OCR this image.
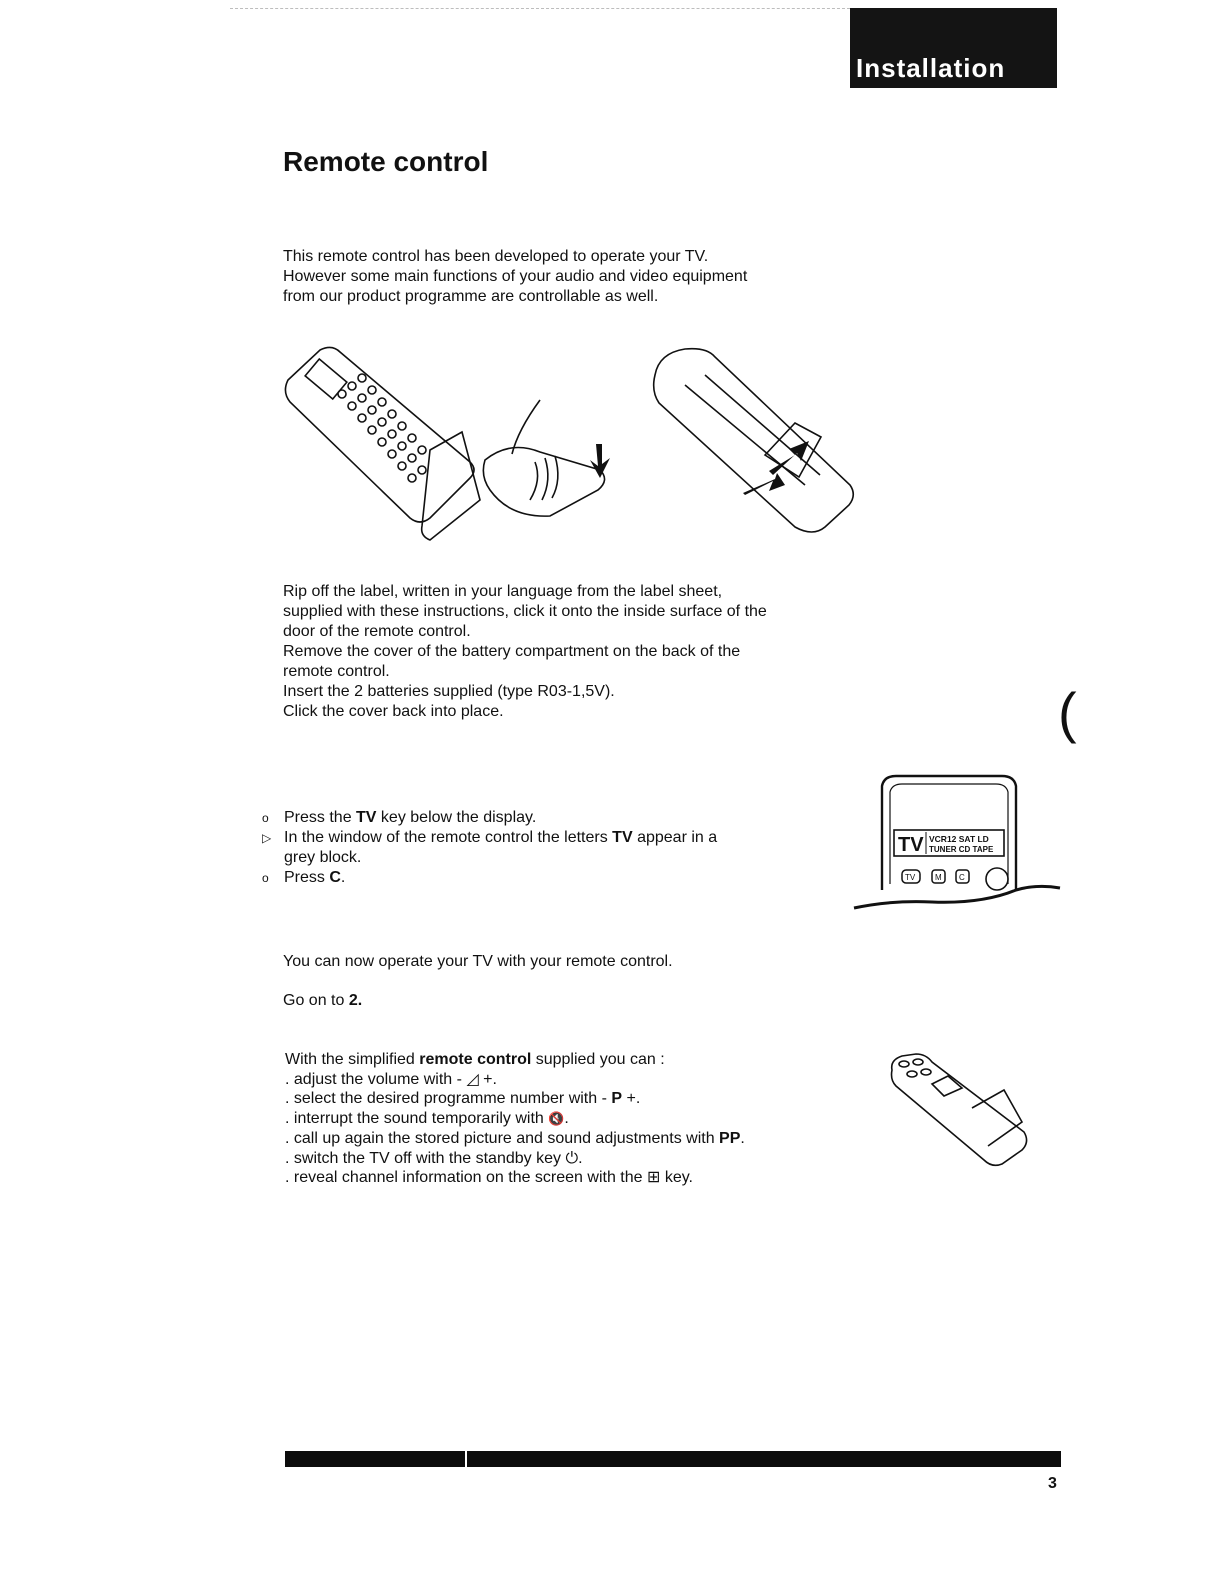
Installation
Remote control

This remote control has been developed to operate your TV.

However some main functions of your audio and video equipment

from our product programme are controllable as well.

Rip off the label, written in your language from the label sheet,

supplied with these instructions, click it onto the inside surface of the

door of the remote control.

Remove the cover of the battery compartment on the back of the

remote control.

Insert the 2 batteries supplied (type R03-1,5V).

Click the cover back into place.	(
o Press the TV key below the display.
▷ In the window of the remote control the letters TV appear in a
grey block.
o Press C.
TV VCR12 SAT LD
TUNER CD TAPE
TV M C

You can now operate your TV with your remote control.

Go on to 2.

With the simplified remote control supplied you can :
. adjust the volume with - ◿ +.
. select the desired programme number with - P +.
. interrupt the sound temporarily with 🔇.
. call up again the stored picture and sound adjustments with PP.
. switch the TV off with the standby key ⏻.
. reveal channel information on the screen with the ⊞ key.
3
